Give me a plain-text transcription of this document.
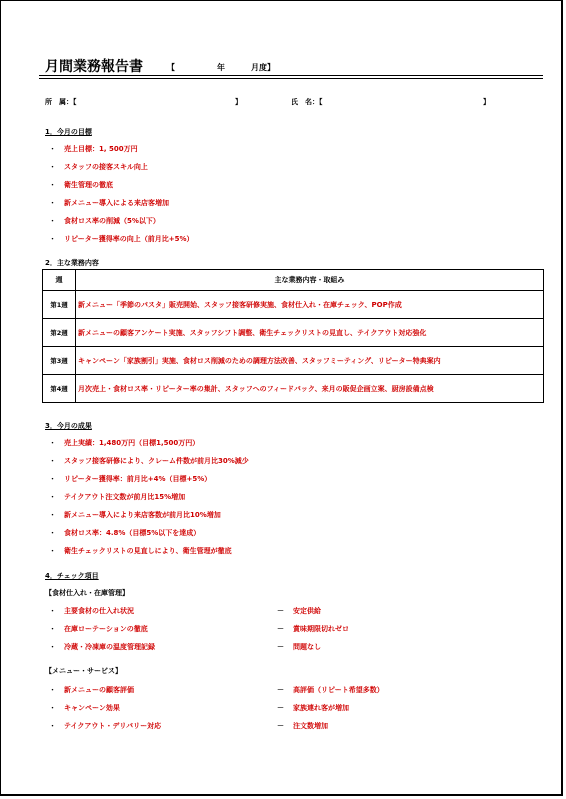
月間業務報告書	【	年	月度】
所　属：【	】	氏　名：【	】
1．今月の目標
・ 売上目標：1, 500万円
・ スタッフの接客スキル向上
・ 衛生管理の徹底
・ 新メニュー導入による来店客増加
・ 食材ロス率の削減（5%以下）
・ リピーター獲得率の向上（前月比+5%）
2．主な業務内容
週	主な業務内容・取組み
第1週	新メニュー「季節のパスタ」販売開始、スタッフ接客研修実施、食材仕入れ・在庫チェック、POP作成
第2週	新メニューの顧客アンケート実施、スタッフシフト調整、衛生チェックリストの見直し、テイクアウト対応強化
第3週	キャンペーン「家族割引」実施、食材ロス削減のための調理方法改善、スタッフミーティング、リピーター特典案内
第4週	月次売上・食材ロス率・リピーター率の集計、スタッフへのフィードバック、来月の販促企画立案、厨房設備点検
3．今月の成果
・ 売上実績：1,480万円（目標1,500万円）
・ スタッフ接客研修により、クレーム件数が前月比30%減少
・ リピーター獲得率：前月比+4%（目標+5%）
・ テイクアウト注文数が前月比15%増加
・ 新メニュー導入により来店客数が前月比10%増加
・ 食材ロス率：4.8%（目標5%以下を達成）
・ 衛生チェックリストの見直しにより、衛生管理が徹底
4．チェック項目
【食材仕入れ・在庫管理】
・ 主要食材の仕入れ状況	－ 安定供給
・ 在庫ローテーションの徹底	－ 賞味期限切れゼロ
・ 冷蔵・冷凍庫の温度管理記録	－ 問題なし
【メニュー・サービス】
・ 新メニューの顧客評価	－ 高評価（リピート希望多数）
・ キャンペーン効果	－ 家族連れ客が増加
・ テイクアウト・デリバリー対応	－ 注文数増加
